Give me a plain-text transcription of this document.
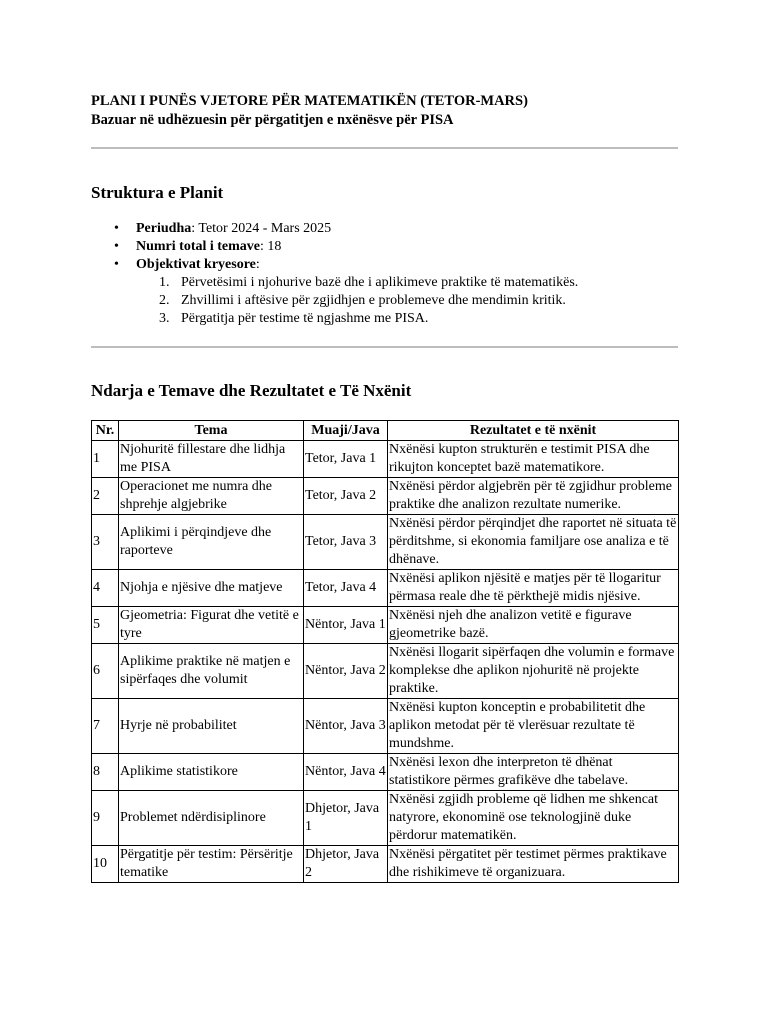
PLANI I PUNËS VJETORE PËR MATEMATIKËN (TETOR-MARS)
Bazuar në udhëzuesin për përgatitjen e nxënësve për PISA
Struktura e Planit
• Periudha: Tetor 2024 - Mars 2025
• Numri total i temave: 18
• Objektivat kryesore:
1. Përvetësimi i njohurive bazë dhe i aplikimeve praktike të matematikës.
2. Zhvillimi i aftësive për zgjidhjen e problemeve dhe mendimin kritik.
3. Përgatitja për testime të ngjashme me PISA.
Ndarja e Temave dhe Rezultatet e Të Nxënit
Nr.	Tema	Muaji/Java	Rezultatet e të nxënit
1	Njohuritë fillestare dhe lidhja me PISA	Tetor, Java 1	Nxënësi kupton strukturën e testimit PISA dhe rikujton konceptet bazë matematikore.
2	Operacionet me numra dhe shprehje algjebrike	Tetor, Java 2	Nxënësi përdor algjebrën për të zgjidhur probleme praktike dhe analizon rezultate numerike.
3	Aplikimi i përqindjeve dhe raporteve	Tetor, Java 3	Nxënësi përdor përqindjet dhe raportet në situata të përditshme, si ekonomia familjare ose analiza e të dhënave.
4	Njohja e njësive dhe matjeve	Tetor, Java 4	Nxënësi aplikon njësitë e matjes për të llogaritur përmasa reale dhe të përkthejë midis njësive.
5	Gjeometria: Figurat dhe vetitë e tyre	Nëntor, Java 1	Nxënësi njeh dhe analizon vetitë e figurave gjeometrike bazë.
6	Aplikime praktike në matjen e sipërfaqes dhe volumit	Nëntor, Java 2	Nxënësi llogarit sipërfaqen dhe volumin e formave komplekse dhe aplikon njohuritë në projekte praktike.
7	Hyrje në probabilitet	Nëntor, Java 3	Nxënësi kupton konceptin e probabilitetit dhe aplikon metodat për të vlerësuar rezultate të mundshme.
8	Aplikime statistikore	Nëntor, Java 4	Nxënësi lexon dhe interpreton të dhënat statistikore përmes grafikëve dhe tabelave.
9	Problemet ndërdisiplinore	Dhjetor, Java 1	Nxënësi zgjidh probleme që lidhen me shkencat natyrore, ekonominë ose teknologjinë duke përdorur matematikën.
10	Përgatitje për testim: Përsëritje tematike	Dhjetor, Java 2	Nxënësi përgatitet për testimet përmes praktikave dhe rishikimeve të organizuara.
